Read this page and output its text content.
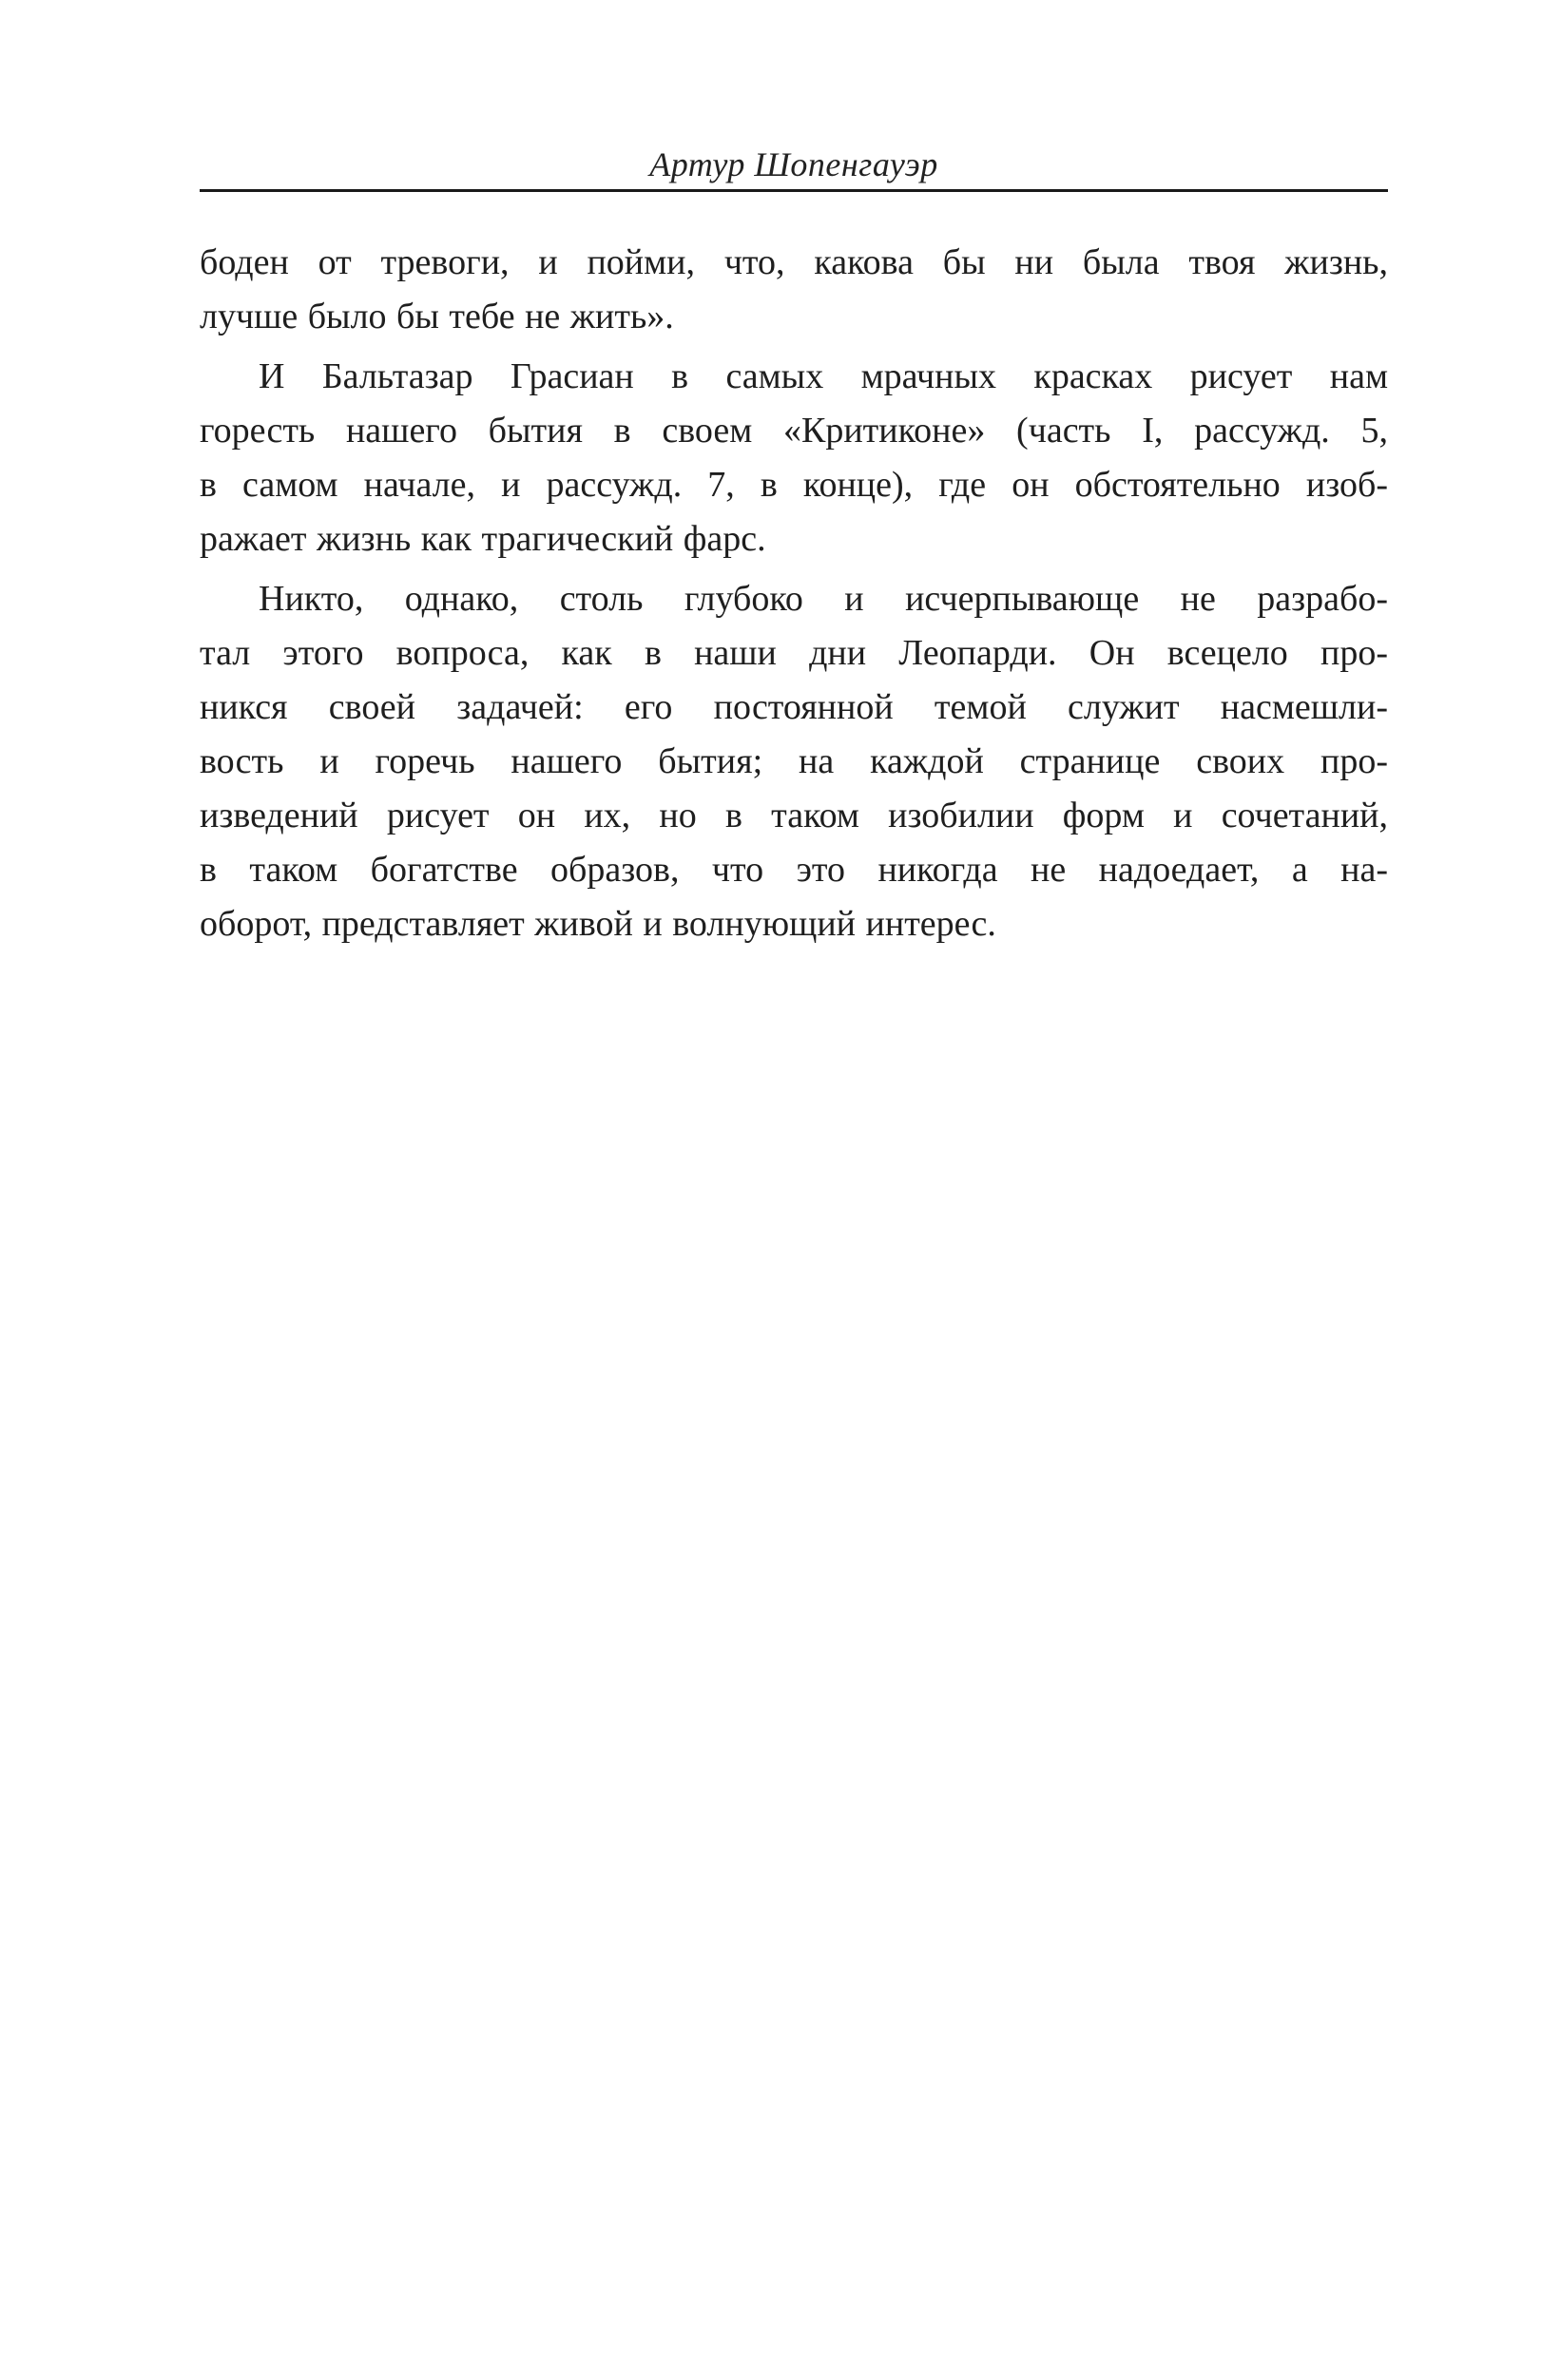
Артур Шопенгауэр
боден от тревоги, и пойми, что, какова бы ни была твоя жизнь,
лучше было бы тебе не жить».
И Бальтазар Грасиан в самых мрачных красках рисует нам
горесть нашего бытия в своем «Критиконе» (часть I, рассужд. 5,
в самом начале, и рассужд. 7, в конце), где он обстоятельно изоб-
ражает жизнь как трагический фарс.
Никто, однако, столь глубоко и исчерпывающе не разрабо-
тал этого вопроса, как в наши дни Леопарди. Он всецело про-
никся своей задачей: его постоянной темой служит насмешли-
вость и горечь нашего бытия; на каждой странице своих про-
изведений рисует он их, но в таком изобилии форм и сочетаний,
в таком богатстве образов, что это никогда не надоедает, а на-
оборот, представляет живой и волнующий интерес.
